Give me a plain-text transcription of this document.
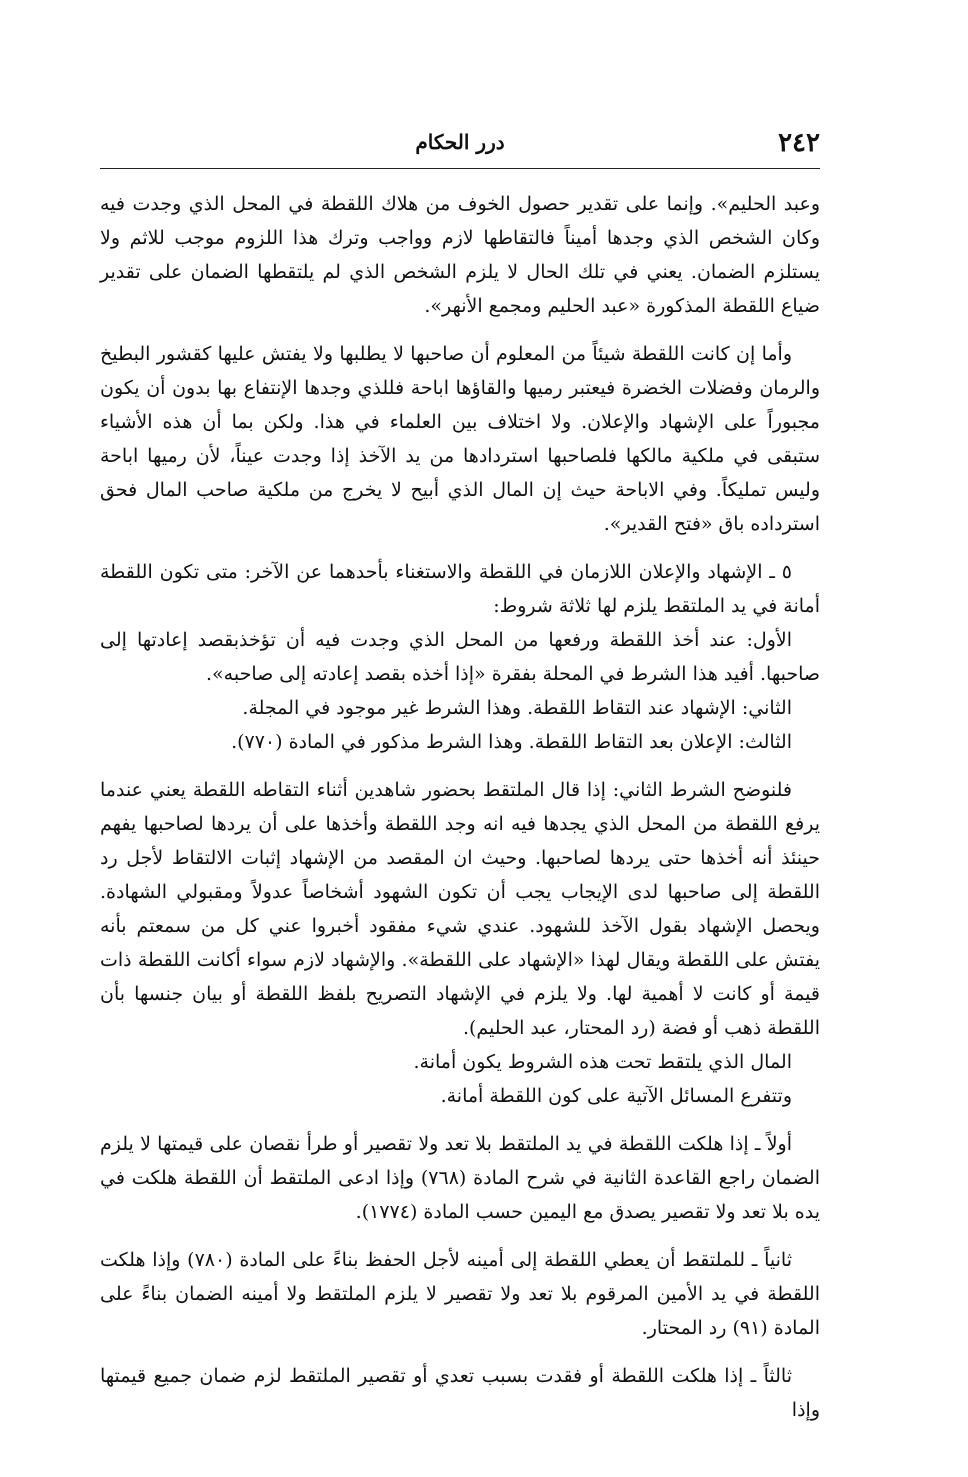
٢٤٢
درر الحكام

وعبد الحليم». وإنما على تقدير حصول الخوف من هلاك اللقطة في المحل الذي وجدت فيه وكان الشخص الذي وجدها أميناً فالتقاطها لازم وواجب وترك هذا اللزوم موجب للاثم ولا يستلزم الضمان. يعني في تلك الحال لا يلزم الشخص الذي لم يلتقطها الضمان على تقدير ضياع اللقطة المذكورة «عبد الحليم ومجمع الأنهر».

وأما إن كانت اللقطة شيئاً من المعلوم أن صاحبها لا يطلبها ولا يفتش عليها كقشور البطيخ والرمان وفضلات الخضرة فيعتبر رميها والقاؤها اباحة فللذي وجدها الإنتفاع بها بدون أن يكون مجبوراً على الإشهاد والإعلان. ولا اختلاف بين العلماء في هذا. ولكن بما أن هذه الأشياء ستبقى في ملكية مالكها فلصاحبها استردادها من يد الآخذ إذا وجدت عيناً، لأن رميها اباحة وليس تمليكاً. وفي الاباحة حيث إن المال الذي أبيح لا يخرج من ملكية صاحب المال فحق استرداده باق «فتح القدير».

٥ ـ الإشهاد والإعلان اللازمان في اللقطة والاستغناء بأحدهما عن الآخر: متى تكون اللقطة أمانة في يد الملتقط يلزم لها ثلاثة شروط:

الأول: عند أخذ اللقطة ورفعها من المحل الذي وجدت فيه أن تؤخذبقصد إعادتها إلى صاحبها. أفيد هذا الشرط في المحلة بفقرة «إذا أخذه بقصد إعادته إلى صاحبه».

الثاني: الإشهاد عند التقاط اللقطة. وهذا الشرط غير موجود في المجلة.

الثالث: الإعلان بعد التقاط اللقطة. وهذا الشرط مذكور في المادة (٧٧٠).

فلنوضح الشرط الثاني: إذا قال الملتقط بحضور شاهدين أثناء التقاطه اللقطة يعني عندما يرفع اللقطة من المحل الذي يجدها فيه انه وجد اللقطة وأخذها على أن يردها لصاحبها يفهم حينئذ أنه أخذها حتى يردها لصاحبها. وحيث ان المقصد من الإشهاد إثبات الالتقاط لأجل رد اللقطة إلى صاحبها لدى الإيجاب يجب أن تكون الشهود أشخاصاً عدولاً ومقبولي الشهادة. ويحصل الإشهاد بقول الآخذ للشهود. عندي شيء مفقود أخبروا عني كل من سمعتم بأنه يفتش على اللقطة ويقال لهذا «الإشهاد على اللقطة». والإشهاد لازم سواء أكانت اللقطة ذات قيمة أو كانت لا أهمية لها. ولا يلزم في الإشهاد التصريح بلفظ اللقطة أو بيان جنسها بأن اللقطة ذهب أو فضة (رد المحتار، عبد الحليم).

المال الذي يلتقط تحت هذه الشروط يكون أمانة.

وتتفرع المسائل الآتية على كون اللقطة أمانة.

أولاً ـ إذا هلكت اللقطة في يد الملتقط بلا تعد ولا تقصير أو طرأ نقصان على قيمتها لا يلزم الضمان راجع القاعدة الثانية في شرح المادة (٧٦٨) وإذا ادعى الملتقط أن اللقطة هلكت في يده بلا تعد ولا تقصير يصدق مع اليمين حسب المادة (١٧٧٤).

ثانياً ـ للملتقط أن يعطي اللقطة إلى أمينه لأجل الحفظ بناءً على المادة (٧٨٠) وإذا هلكت اللقطة في يد الأمين المرقوم بلا تعد ولا تقصير لا يلزم الملتقط ولا أمينه الضمان بناءً على المادة (٩١) رد المحتار.

ثالثاً ـ إذا هلكت اللقطة أو فقدت بسبب تعدي أو تقصير الملتقط لزم ضمان جميع قيمتها وإذا
